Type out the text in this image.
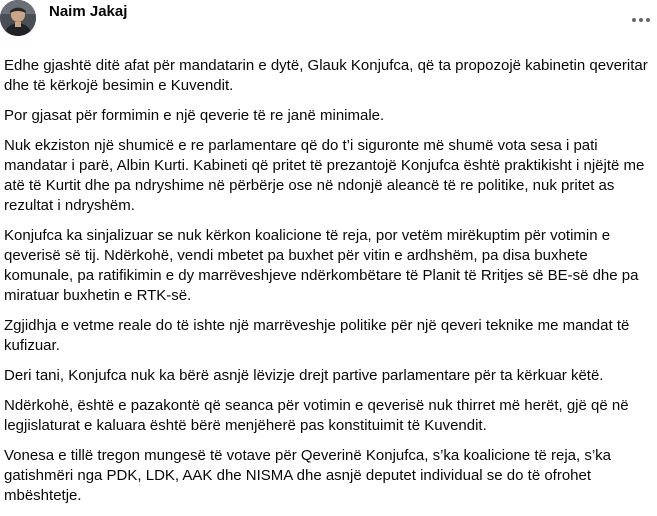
Naim Jakaj

Edhe gjashtë ditë afat për mandatarin e dytë, Glauk Konjufca, që ta propozojë kabinetin qeveritar dhe të kërkojë besimin e Kuvendit.

Por gjasat për formimin e një qeverie të re janë minimale.

Nuk ekziston një shumicë e re parlamentare që do t’i siguronte më shumë vota sesa i pati mandatar i parë, Albin Kurti. Kabineti që pritet të prezantojë Konjufca është praktikisht i njëjtë me atë të Kurtit dhe pa ndryshime në përbërje ose në ndonjë aleancë të re politike, nuk pritet as rezultat i ndryshëm.

Konjufca ka sinjalizuar se nuk kërkon koalicione të reja, por vetëm mirëkuptim për votimin e qeverisë së tij. Ndërkohë, vendi mbetet pa buxhet për vitin e ardhshëm, pa disa buxhete komunale, pa ratifikimin e dy marrëveshjeve ndërkombëtare të Planit të Rritjes së BE-së dhe pa miratuar buxhetin e RTK-së.

Zgjidhja e vetme reale do të ishte një marrëveshje politike për një qeveri teknike me mandat të kufizuar.

Deri tani, Konjufca nuk ka bërë asnjë lëvizje drejt partive parlamentare për ta kërkuar këtë.

Ndërkohë, është e pazakontë që seanca për votimin e qeverisë nuk thirret më herët, gjë që në legjislaturat e kaluara është bërë menjëherë pas konstituimit të Kuvendit.

Vonesa e tillë tregon mungesë të votave për Qeverinë Konjufca, s’ka koalicione të reja, s’ka gatishmëri nga PDK, LDK, AAK dhe NISMA dhe asnjë deputet individual se do të ofrohet mbështetje.
